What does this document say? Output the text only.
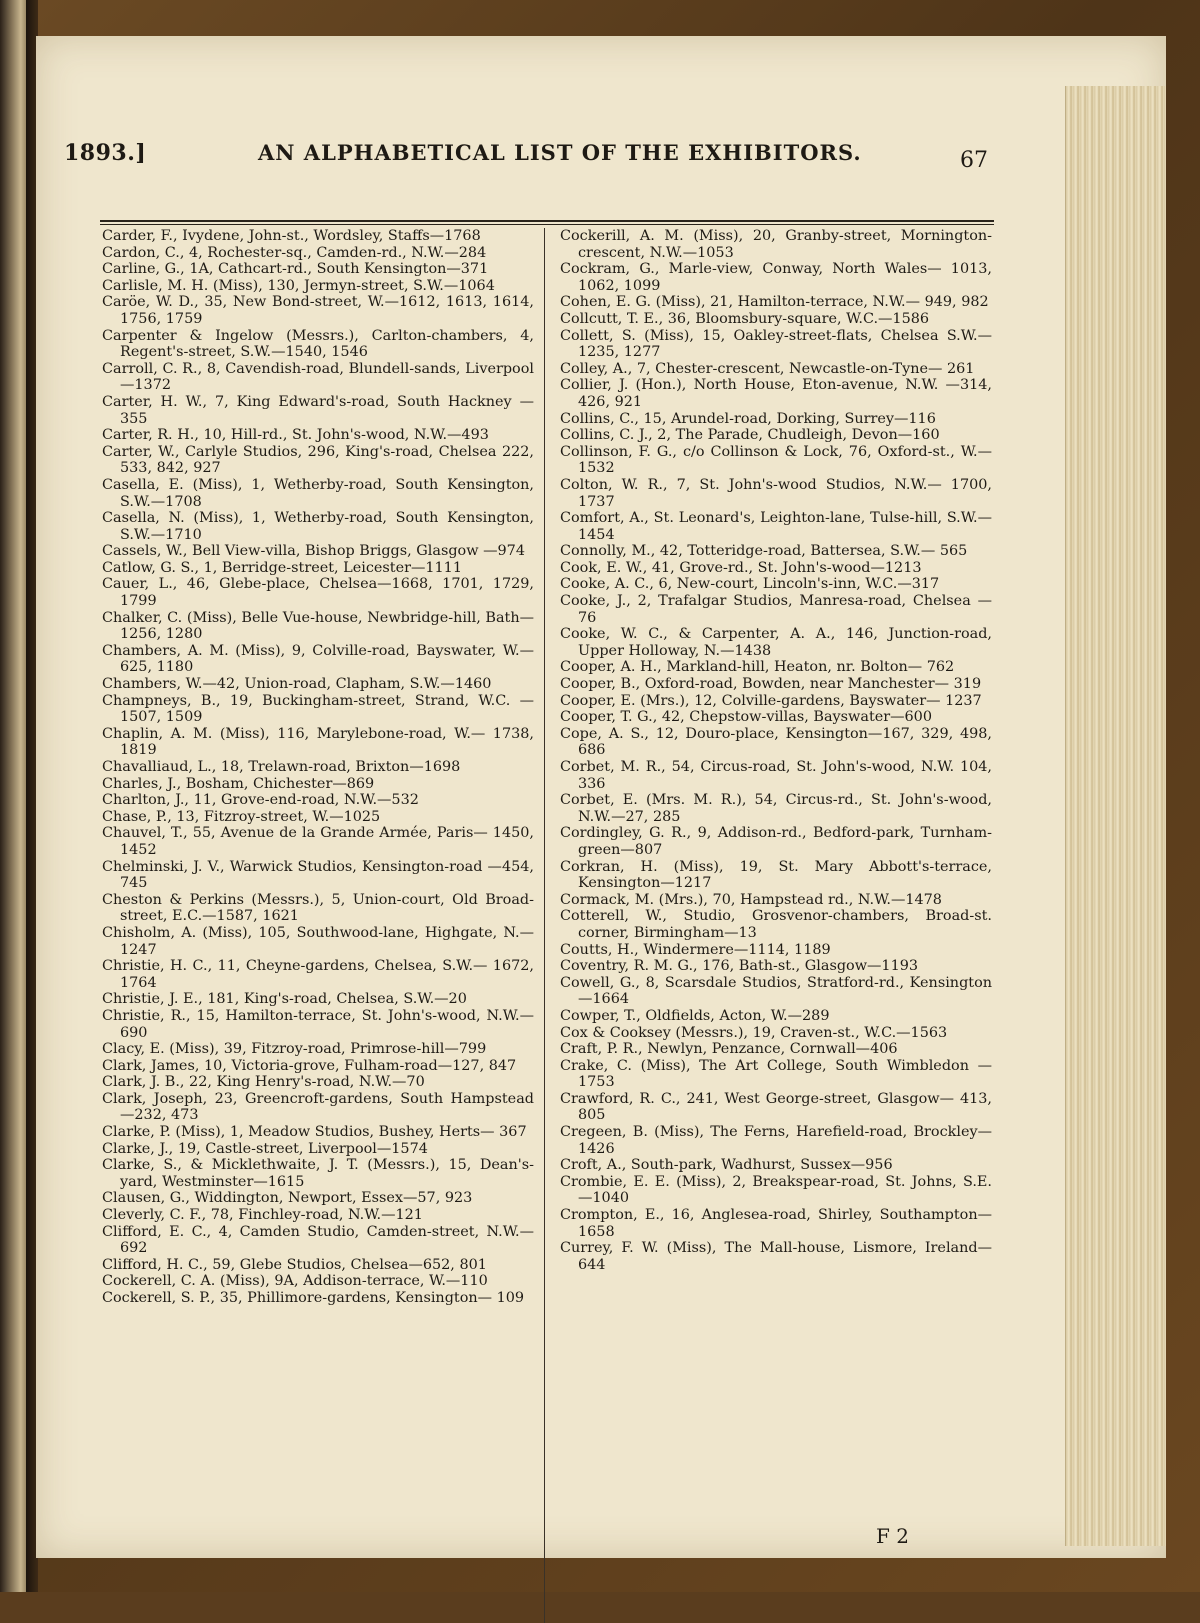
1893.]	AN ALPHABETICAL LIST OF THE EXHIBITORS.	67

Carder, F., Ivydene, John-st., Wordsley, Staffs—1768

Cardon, C., 4, Rochester-sq., Camden-rd., N.W.—284

Carline, G., 1A, Cathcart-rd., South Kensington—371

Carlisle, M. H. (Miss), 130, Jermyn-street, S.W.—1064

Caröe, W. D., 35, New Bond-street, W.—1612, 1613, 1614, 1756, 1759

Carpenter & Ingelow (Messrs.), Carlton-chambers, 4, Regent's-street, S.W.—1540, 1546

Carroll, C. R., 8, Cavendish-road, Blundell-sands, Liverpool—1372

Carter, H. W., 7, King Edward's-road, South Hackney —355

Carter, R. H., 10, Hill-rd., St. John's-wood, N.W.—493

Carter, W., Carlyle Studios, 296, King's-road, Chelsea 222, 533, 842, 927

Casella, E. (Miss), 1, Wetherby-road, South Kensington, S.W.—1708

Casella, N. (Miss), 1, Wetherby-road, South Kensington, S.W.—1710

Cassels, W., Bell View-villa, Bishop Briggs, Glasgow —974

Catlow, G. S., 1, Berridge-street, Leicester—1111

Cauer, L., 46, Glebe-place, Chelsea—1668, 1701, 1729, 1799

Chalker, C. (Miss), Belle Vue-house, Newbridge-hill, Bath—1256, 1280

Chambers, A. M. (Miss), 9, Colville-road, Bayswater, W.—625, 1180

Chambers, W.—42, Union-road, Clapham, S.W.—1460

Champneys, B., 19, Buckingham-street, Strand, W.C. —1507, 1509

Chaplin, A. M. (Miss), 116, Marylebone-road, W.— 1738, 1819

Chavalliaud, L., 18, Trelawn-road, Brixton—1698

Charles, J., Bosham, Chichester—869

Charlton, J., 11, Grove-end-road, N.W.—532

Chase, P., 13, Fitzroy-street, W.—1025

Chauvel, T., 55, Avenue de la Grande Armée, Paris— 1450, 1452

Chelminski, J. V., Warwick Studios, Kensington-road —454, 745

Cheston & Perkins (Messrs.), 5, Union-court, Old Broad-street, E.C.—1587, 1621

Chisholm, A. (Miss), 105, Southwood-lane, Highgate, N.—1247

Christie, H. C., 11, Cheyne-gardens, Chelsea, S.W.— 1672, 1764

Christie, J. E., 181, King's-road, Chelsea, S.W.—20

Christie, R., 15, Hamilton-terrace, St. John's-wood, N.W.—690

Clacy, E. (Miss), 39, Fitzroy-road, Primrose-hill—799

Clark, James, 10, Victoria-grove, Fulham-road—127, 847

Clark, J. B., 22, King Henry's-road, N.W.—70

Clark, Joseph, 23, Greencroft-gardens, South Hampstead—232, 473

Clarke, P. (Miss), 1, Meadow Studios, Bushey, Herts— 367

Clarke, J., 19, Castle-street, Liverpool—1574

Clarke, S., & Micklethwaite, J. T. (Messrs.), 15, Dean's-yard, Westminster—1615

Clausen, G., Widdington, Newport, Essex—57, 923

Cleverly, C. F., 78, Finchley-road, N.W.—121

Clifford, E. C., 4, Camden Studio, Camden-street, N.W.—692

Clifford, H. C., 59, Glebe Studios, Chelsea—652, 801

Cockerell, C. A. (Miss), 9A, Addison-terrace, W.—110

Cockerell, S. P., 35, Phillimore-gardens, Kensington— 109

Cockerill, A. M. (Miss), 20, Granby-street, Mornington-crescent, N.W.—1053

Cockram, G., Marle-view, Conway, North Wales— 1013, 1062, 1099

Cohen, E. G. (Miss), 21, Hamilton-terrace, N.W.— 949, 982

Collcutt, T. E., 36, Bloomsbury-square, W.C.—1586

Collett, S. (Miss), 15, Oakley-street-flats, Chelsea S.W.—1235, 1277

Colley, A., 7, Chester-crescent, Newcastle-on-Tyne— 261

Collier, J. (Hon.), North House, Eton-avenue, N.W. —314, 426, 921

Collins, C., 15, Arundel-road, Dorking, Surrey—116

Collins, C. J., 2, The Parade, Chudleigh, Devon—160

Collinson, F. G., c/o Collinson & Lock, 76, Oxford-st., W.—1532

Colton, W. R., 7, St. John's-wood Studios, N.W.— 1700, 1737

Comfort, A., St. Leonard's, Leighton-lane, Tulse-hill, S.W.—1454

Connolly, M., 42, Totteridge-road, Battersea, S.W.— 565

Cook, E. W., 41, Grove-rd., St. John's-wood—1213

Cooke, A. C., 6, New-court, Lincoln's-inn, W.C.—317

Cooke, J., 2, Trafalgar Studios, Manresa-road, Chelsea —76

Cooke, W. C., & Carpenter, A. A., 146, Junction-road, Upper Holloway, N.—1438

Cooper, A. H., Markland-hill, Heaton, nr. Bolton— 762

Cooper, B., Oxford-road, Bowden, near Manchester— 319

Cooper, E. (Mrs.), 12, Colville-gardens, Bayswater— 1237

Cooper, T. G., 42, Chepstow-villas, Bayswater—600

Cope, A. S., 12, Douro-place, Kensington—167, 329, 498, 686

Corbet, M. R., 54, Circus-road, St. John's-wood, N.W. 104, 336

Corbet, E. (Mrs. M. R.), 54, Circus-rd., St. John's-wood, N.W.—27, 285

Cordingley, G. R., 9, Addison-rd., Bedford-park, Turnham-green—807

Corkran, H. (Miss), 19, St. Mary Abbott's-terrace, Kensington—1217

Cormack, M. (Mrs.), 70, Hampstead rd., N.W.—1478

Cotterell, W., Studio, Grosvenor-chambers, Broad-st. corner, Birmingham—13

Coutts, H., Windermere—1114, 1189

Coventry, R. M. G., 176, Bath-st., Glasgow—1193

Cowell, G., 8, Scarsdale Studios, Stratford-rd., Kensington—1664

Cowper, T., Oldfields, Acton, W.—289

Cox & Cooksey (Messrs.), 19, Craven-st., W.C.—1563

Craft, P. R., Newlyn, Penzance, Cornwall—406

Crake, C. (Miss), The Art College, South Wimbledon —1753

Crawford, R. C., 241, West George-street, Glasgow— 413, 805

Cregeen, B. (Miss), The Ferns, Harefield-road, Brockley—1426

Croft, A., South-park, Wadhurst, Sussex—956

Crombie, E. E. (Miss), 2, Breakspear-road, St. Johns, S.E.—1040

Crompton, E., 16, Anglesea-road, Shirley, Southampton—1658

Currey, F. W. (Miss), The Mall-house, Lismore, Ireland—644

F 2
